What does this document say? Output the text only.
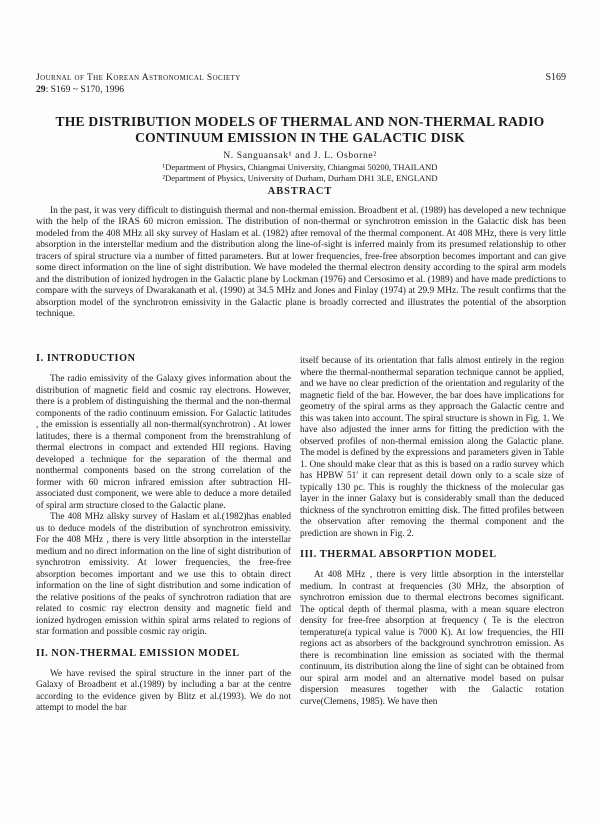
Journal of The Korean Astronomical Society
29: S169 ~ S170, 1996
S169
THE DISTRIBUTION MODELS OF THERMAL AND NON-THERMAL RADIO
CONTINUUM EMISSION IN THE GALACTIC DISK
N. Sanguansak¹ and J. L. Osborne²
¹Department of Physics, Chiangmai University, Chiangmai 50200, THAILAND
²Department of Physics, University of Durham, Durham DH1 3LE, ENGLAND
ABSTRACT

In the past, it was very difficult to distinguish thermal and non-thermal emission. Broadbent et al. (1989) has developed a new technique with the help of the IRAS 60 micron emission. The distribution of non-thermal or synchrotron emission in the Galactic disk has been modeled from the 408 MHz all sky survey of Haslam et al. (1982) after removal of the thermal component. At 408 MHz, there is very little absorption in the interstellar medium and the distribution along the line-of-sight is inferred mainly from its presumed relationship to other tracers of spiral structure via a number of fitted parameters. But at lower frequencies, free-free absorption becomes important and can give some direct information on the line of sight distribution. We have modeled the thermal electron density according to the spiral arm models and the distribution of ionized hydrogen in the Galactic plane by Lockman (1976) and Cersosimo et al. (1989) and have made predictions to compare with the surveys of Dwarakanath et al. (1990) at 34.5 MHz and Jones and Finlay (1974) at 29.9 MHz. The result confirms that the absorption model of the synchrotron emissivity in the Galactic plane is broadly corrected and illustrates the potential of the absorption technique.

I. INTRODUCTION

The radio emissivity of the Galaxy gives information about the distribution of magnetic field and cosmic ray electrons. However, there is a problem of distinguishing the thermal and the non-thermal components of the radio continuum emission. For Galactic latitudes , the emission is essentially all non-thermal(synchrotron) . At lower latitudes, there is a thermal component from the bremstrahlung of thermal electrons in compact and extended HII regions. Having developed a technique for the separation of the thermal and nonthermal components based on the strong correlation of the former with 60 micron infrared emission after subtraction HI-associated dust component, we were able to deduce a more detailed of spiral arm structure closed to the Galactic plane.

The 408 MHz allsky survey of Haslam et al.(1982)has enabled us to deduce models of the distribution of synchrotron emissivity. For the 408 MHz , there is very little absorption in the interstellar medium and no direct information on the line of sight distribution of synchrotron emissivity. At lower frequencies, the free-free absorption becomes important and we use this to obtain direct information on the line of sight distribution and some indication of the relative positions of the peaks of synchrotron radiation that are related to cosmic ray electron density and magnetic field and ionized hydrogen emission within spiral arms related to regions of star formation and possible cosmic ray origin.

II. NON-THERMAL EMISSION MODEL

We have revised the spiral structure in the inner part of the Galaxy of Broadbent et al.(1989) by including a bar at the centre according to the evidence given by Blitz et al.(1993). We do not attempt to model the bar

itself because of its orientation that falls almost entirely in the region where the thermal-nonthermal separation technique cannot be applied, and we have no clear prediction of the orientation and regularity of the magnetic field of the bar. However, the bar does have implications for geometry of the spiral arms as they approach the Galactic centre and this was taken into account. The spiral structure is shown in Fig. 1. We have also adjusted the inner arms for fitting the prediction with the observed profiles of non-thermal emission along the Galactic plane. The model is defined by the expressions and parameters given in Table 1. One should make clear that as this is based on a radio survey which has HPBW 51′ it can represent detail down only to a scale size of typically 130 pc. This is roughly the thickness of the molecular gas layer in the inner Galaxy but is considerably small than the deduced thickness of the synchrotron emitting disk. The fitted profiles between the observation after removing the thermal component and the prediction are shown in Fig. 2.

III. THERMAL ABSORPTION MODEL

At 408 MHz , there is very little absorption in the interstellar medium. In contrast at frequencies (30 MHz, the absorption of synchrotron emission due to thermal electrons becomes significant. The optical depth of thermal plasma, with a mean square electron density for free-free absorption at frequency ( Te is the electron temperature(a typical value is 7000 K). At low frequencies, the HII regions act as absorbers of the background synchrotron emission. As there is recombination line emission as sociated with the thermal continuum, its distribution along the line of sight can be obtained from our spiral arm model and an alternative model based on pulsar dispersion measures together with the Galactic rotation curve(Clemens, 1985). We have then
